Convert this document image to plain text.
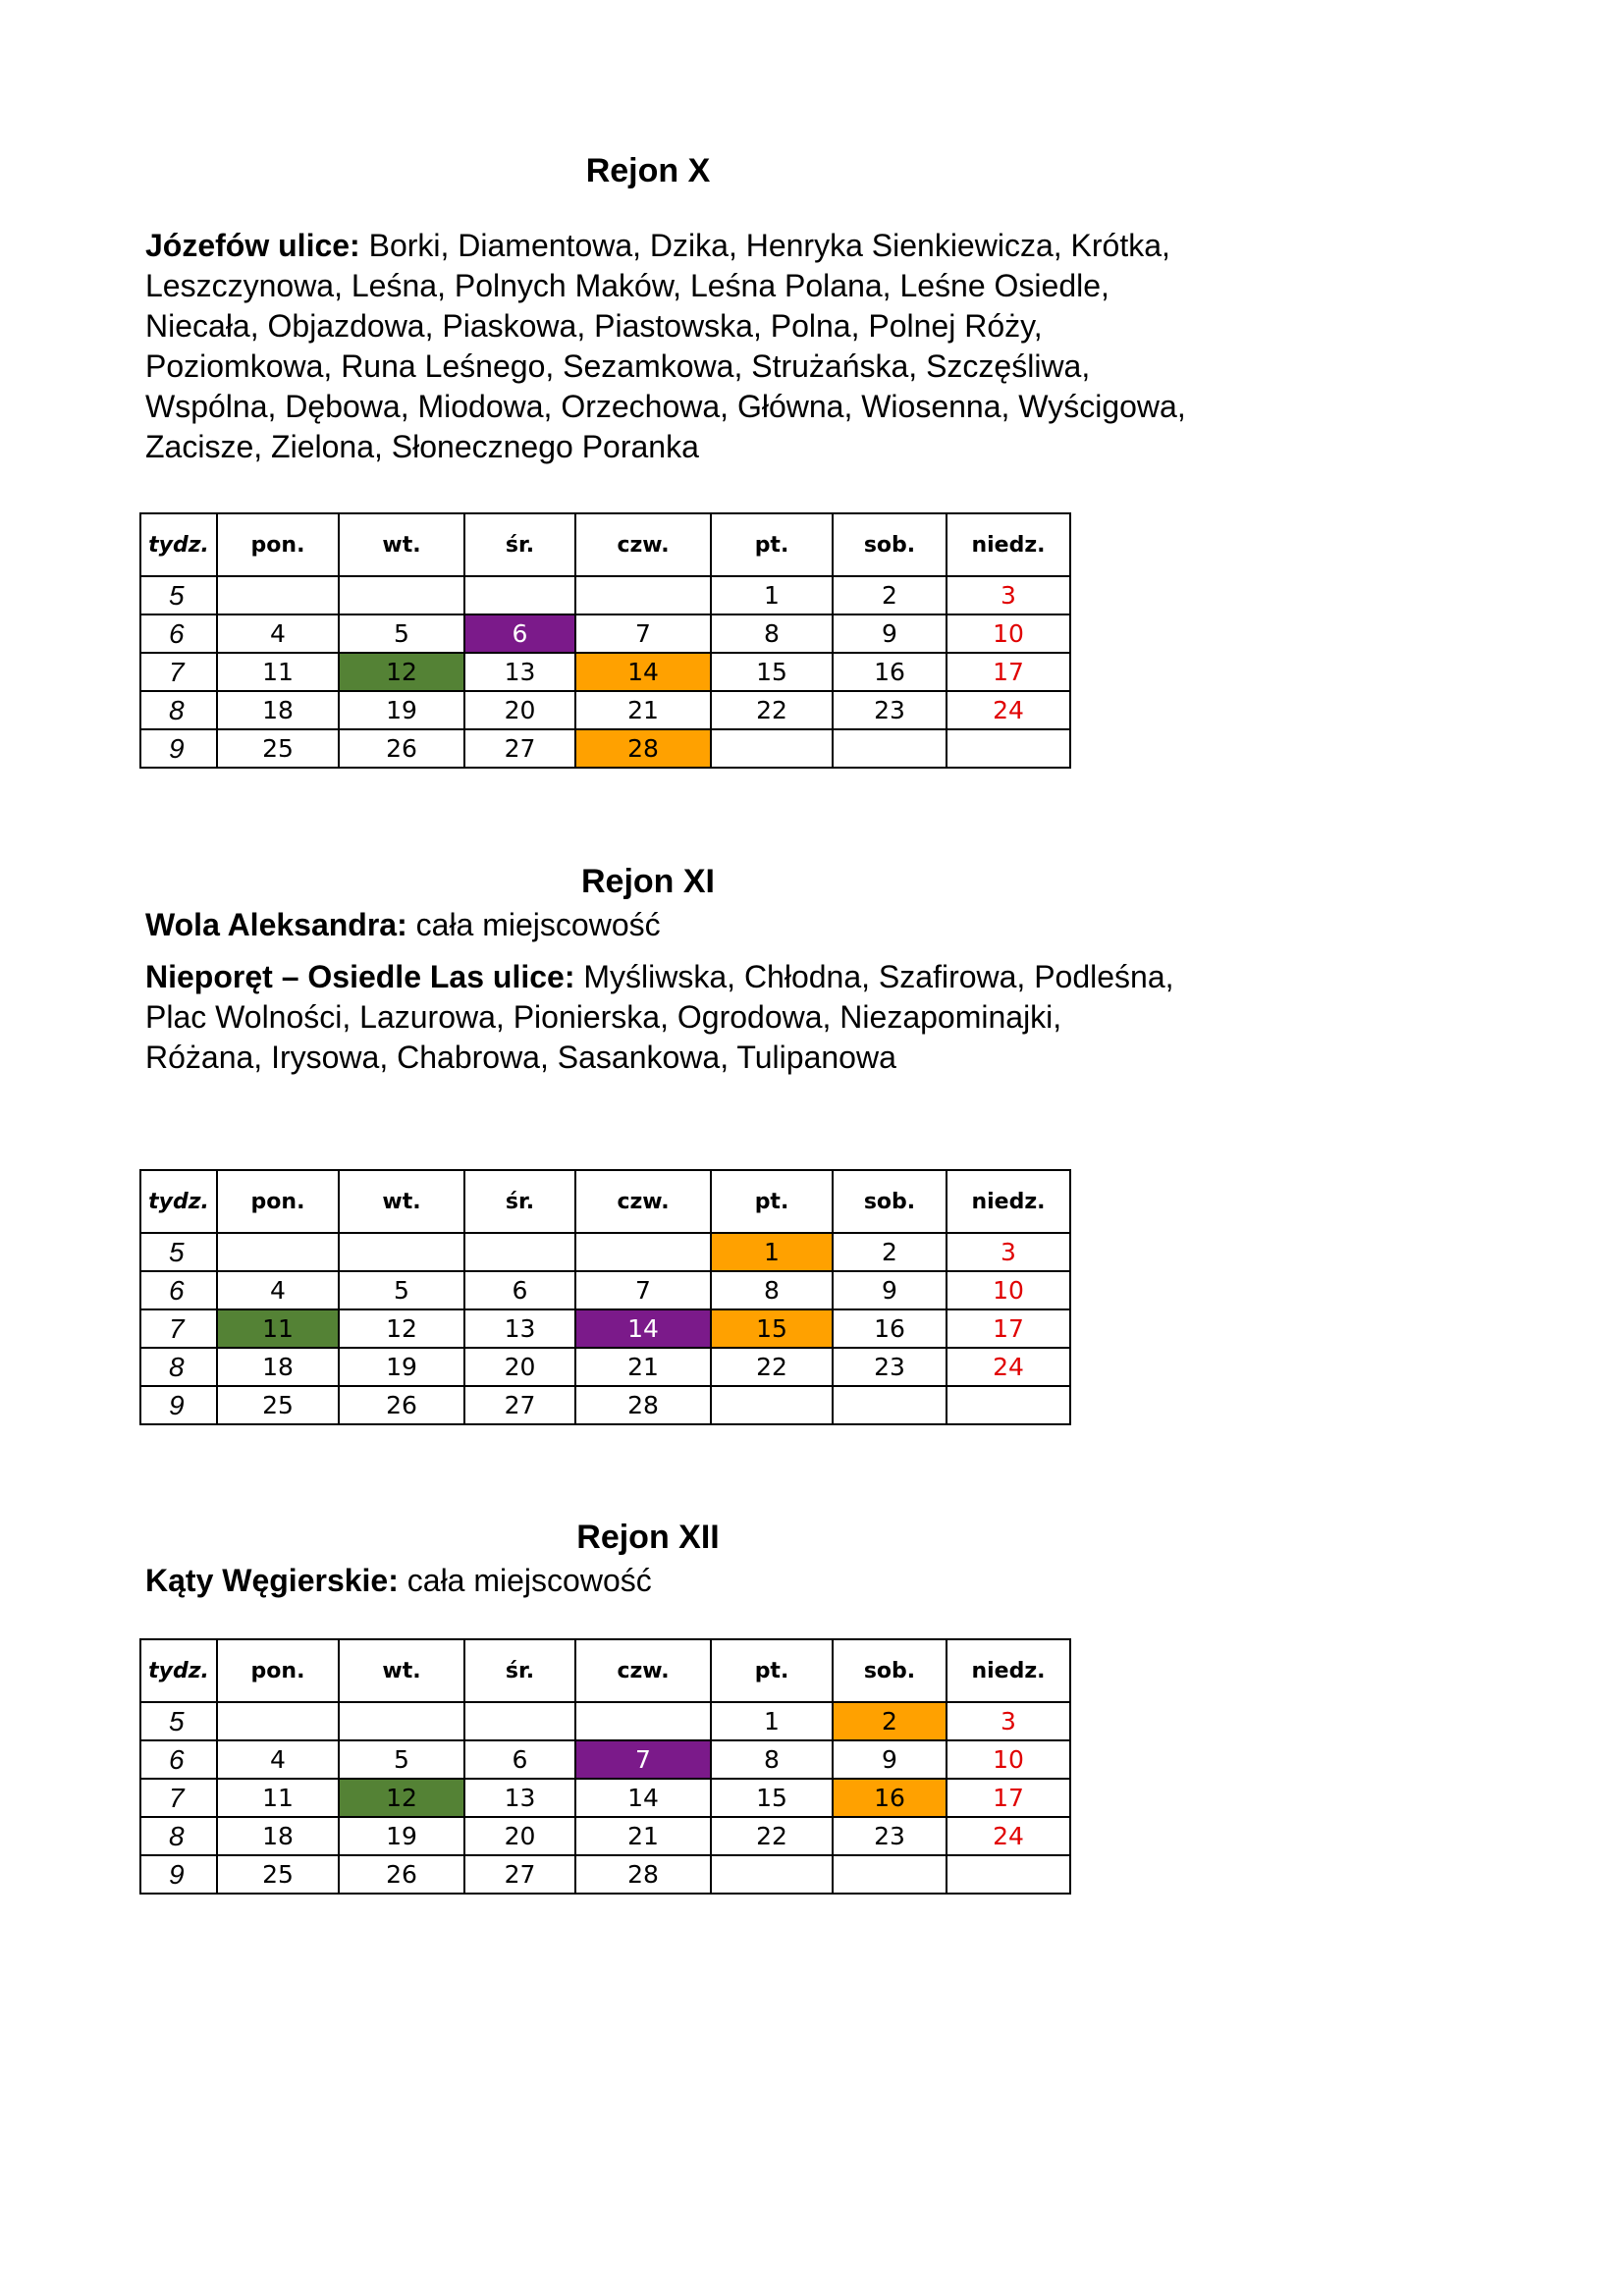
Rejon X

Józefów ulice: Borki, Diamentowa, Dzika, Henryka Sienkiewicza, Krótka, Leszczynowa, Leśna, Polnych Maków, Leśna Polana, Leśne Osiedle, Niecała, Objazdowa, Piaskowa, Piastowska, Polna, Polnej Róży, Poziomkowa, Runa Leśnego, Sezamkowa, Strużańska, Szczęśliwa, Wspólna, Dębowa, Miodowa, Orzechowa, Główna, Wiosenna, Wyścigowa, Zacisze, Zielona, Słonecznego Poranka

tydz.	pon.	wt.	śr.	czw.	pt.	sob.	niedz.
5					1	2	3
6	4	5	6	7	8	9	10
7	11	12	13	14	15	16	17
8	18	19	20	21	22	23	24
9	25	26	27	28			
Rejon XI

Wola Aleksandra: cała miejscowość

Nieporęt – Osiedle Las ulice: Myśliwska, Chłodna, Szafirowa, Podleśna, Plac Wolności, Lazurowa, Pionierska, Ogrodowa, Niezapominajki, Różana, Irysowa, Chabrowa, Sasankowa, Tulipanowa

tydz.	pon.	wt.	śr.	czw.	pt.	sob.	niedz.
5					1	2	3
6	4	5	6	7	8	9	10
7	11	12	13	14	15	16	17
8	18	19	20	21	22	23	24
9	25	26	27	28			
Rejon XII

Kąty Węgierskie: cała miejscowość

tydz.	pon.	wt.	śr.	czw.	pt.	sob.	niedz.
5					1	2	3
6	4	5	6	7	8	9	10
7	11	12	13	14	15	16	17
8	18	19	20	21	22	23	24
9	25	26	27	28			
